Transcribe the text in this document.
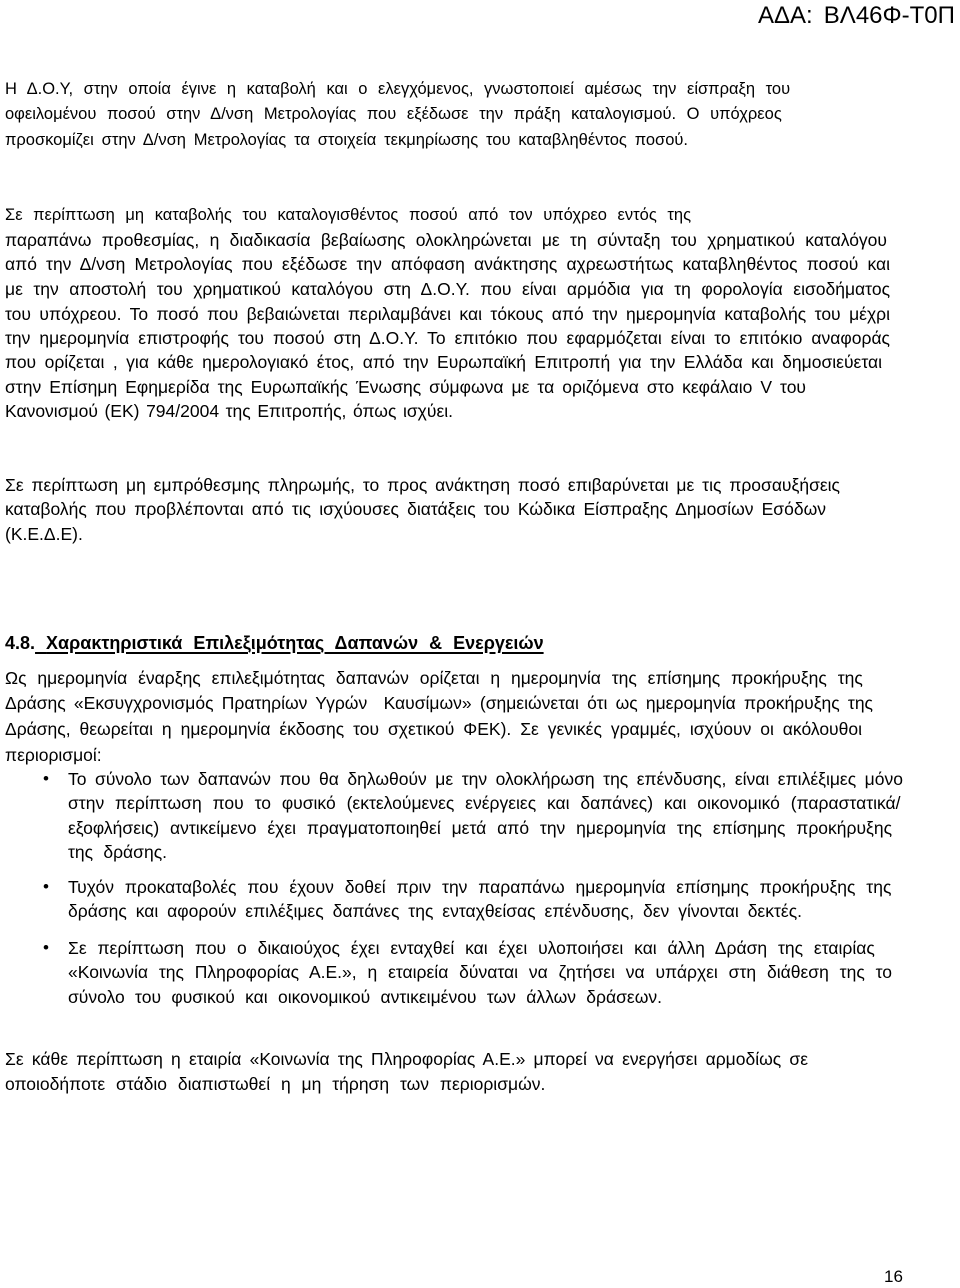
ΑΔΑ: ΒΛ46Φ-Τ0Π
Η Δ.Ο.Υ, στην οποία έγινε η καταβολή και ο ελεγχόμενος, γνωστοποιεί αμέσως την είσπραξη του
οφειλομένου ποσού στην Δ/νση Μετρολογίας που εξέδωσε την πράξη καταλογισμού. Ο υπόχρεος
προσκομίζει στην Δ/νση Μετρολογίας τα στοιχεία τεκμηρίωσης του καταβληθέντος ποσού.
Σε περίπτωση μη καταβολής του καταλογισθέντος ποσού από τον υπόχρεο εντός της
παραπάνω προθεσμίας, η διαδικασία βεβαίωσης ολοκληρώνεται με τη σύνταξη του χρηματικού καταλόγου
από την Δ/νση Μετρολογίας που εξέδωσε την απόφαση ανάκτησης αχρεωστήτως καταβληθέντος ποσού και
με την αποστολή του χρηματικού καταλόγου στη Δ.Ο.Υ. που είναι αρμόδια για τη φορολογία εισοδήματος
του υπόχρεου. Το ποσό που βεβαιώνεται περιλαμβάνει και τόκους από την ημερομηνία καταβολής του μέχρι
την ημερομηνία επιστροφής του ποσού στη Δ.Ο.Υ. Το επιτόκιο που εφαρμόζεται είναι το επιτόκιο αναφοράς
που ορίζεται , για κάθε ημερολογιακό έτος, από την Ευρωπαϊκή Επιτροπή για την Ελλάδα και δημοσιεύεται
στην Επίσημη Εφημερίδα της Ευρωπαϊκής Ένωσης σύμφωνα με τα οριζόμενα στο κεφάλαιο V του
Κανονισμού (ΕΚ) 794/2004 της Επιτροπής, όπως ισχύει.
Σε περίπτωση μη εμπρόθεσμης πληρωμής, το προς ανάκτηση ποσό επιβαρύνεται με τις προσαυξήσεις
καταβολής που προβλέπονται από τις ισχύουσες διατάξεις του Κώδικα Είσπραξης Δημοσίων Εσόδων
(Κ.Ε.Δ.Ε).
4.8. Χαρακτηριστικά Επιλεξιμότητας Δαπανών & Ενεργειών
Ως ημερομηνία έναρξης επιλεξιμότητας δαπανών ορίζεται η ημερομηνία της επίσημης προκήρυξης της
Δράσης «Εκσυγχρονισμός Πρατηρίων Υγρών  Καυσίμων» (σημειώνεται ότι ως ημερομηνία προκήρυξης της
Δράσης, θεωρείται η ημερομηνία έκδοσης του σχετικού ΦΕΚ). Σε γενικές γραμμές, ισχύουν οι ακόλουθοι
περιορισμοί:
• Το σύνολο των δαπανών που θα δηλωθούν με την ολοκλήρωση της επένδυσης, είναι επιλέξιμες μόνο
στην περίπτωση που το φυσικό (εκτελούμενες ενέργειες και δαπάνες) και οικονομικό (παραστατικά/
εξοφλήσεις) αντικείμενο έχει πραγματοποιηθεί μετά από την ημερομηνία της επίσημης προκήρυξης
της δράσης.
• Τυχόν προκαταβολές που έχουν δοθεί πριν την παραπάνω ημερομηνία επίσημης προκήρυξης της
δράσης και αφορούν επιλέξιμες δαπάνες της ενταχθείσας επένδυσης, δεν γίνονται δεκτές.
• Σε περίπτωση που ο δικαιούχος έχει ενταχθεί και έχει υλοποιήσει και άλλη Δράση της εταιρίας
«Κοινωνία της Πληροφορίας Α.Ε.», η εταιρεία δύναται να ζητήσει να υπάρχει στη διάθεση της το
σύνολο του φυσικού και οικονομικού αντικειμένου των άλλων δράσεων.
Σε κάθε περίπτωση η εταιρία «Κοινωνία της Πληροφορίας Α.Ε.» μπορεί να ενεργήσει αρμοδίως σε
οποιοδήποτε στάδιο διαπιστωθεί η μη τήρηση των περιορισμών.
16
